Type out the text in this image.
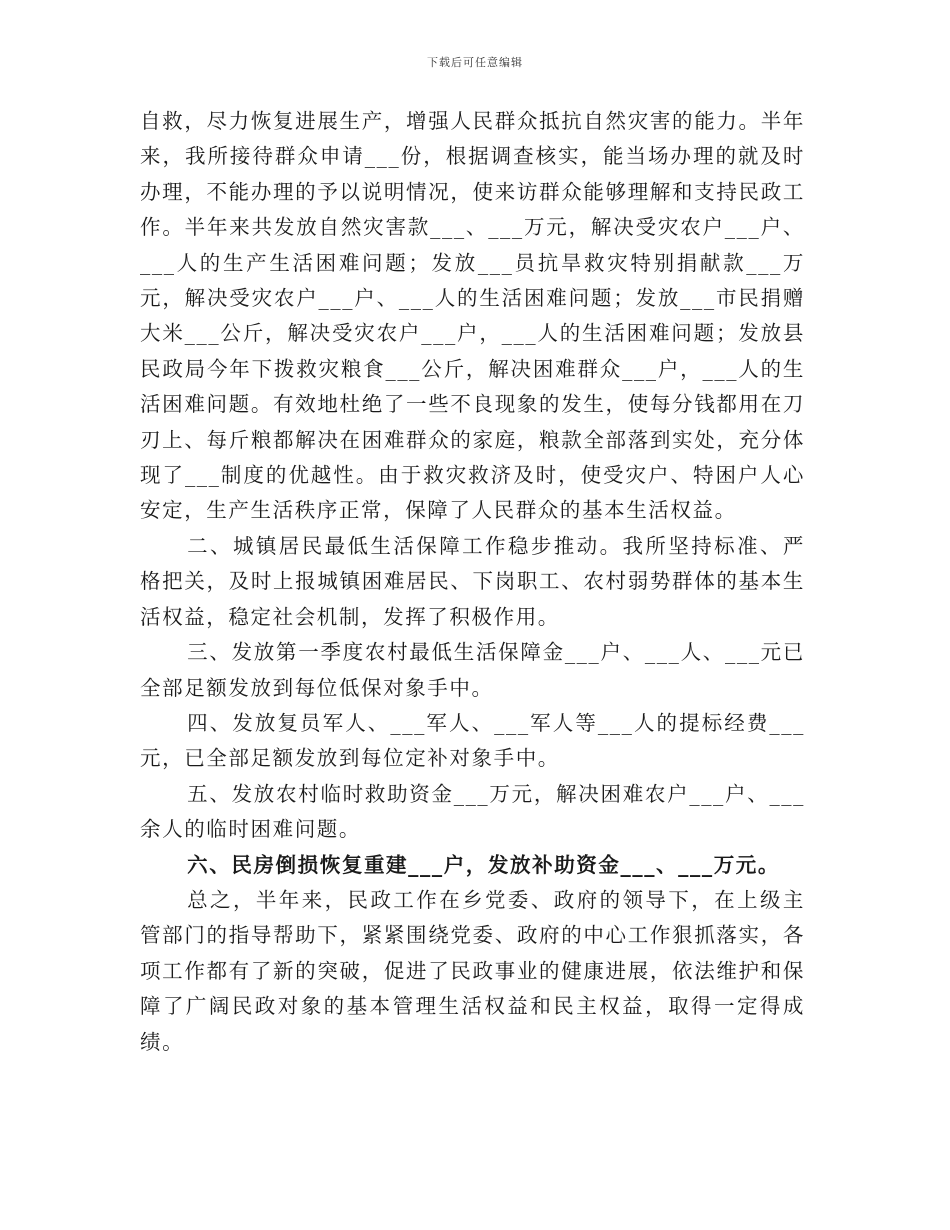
下载后可任意编辑

自救，尽力恢复进展生产，增强人民群众抵抗自然灾害的能力。半年来，我所接待群众申请___份，根据调查核实，能当场办理的就及时办理，不能办理的予以说明情况，使来访群众能够理解和支持民政工作。半年来共发放自然灾害款___、___万元，解决受灾农户___户、___人的生产生活困难问题；发放___员抗旱救灾特别捐献款___万元，解决受灾农户___户、___人的生活困难问题；发放___市民捐赠大米___公斤，解决受灾农户___户，___人的生活困难问题；发放县民政局今年下拨救灾粮食___公斤，解决困难群众___户，___人的生活困难问题。有效地杜绝了一些不良现象的发生，使每分钱都用在刀刃上、每斤粮都解决在困难群众的家庭，粮款全部落到实处，充分体现了___制度的优越性。由于救灾救济及时，使受灾户、特困户人心安定，生产生活秩序正常，保障了人民群众的基本生活权益。

二、城镇居民最低生活保障工作稳步推动。我所坚持标准、严格把关，及时上报城镇困难居民、下岗职工、农村弱势群体的基本生活权益，稳定社会机制，发挥了积极作用。

三、发放第一季度农村最低生活保障金___户、___人、___元已全部足额发放到每位低保对象手中。

四、发放复员军人、___军人、___军人等___人的提标经费___元，已全部足额发放到每位定补对象手中。

五、发放农村临时救助资金___万元，解决困难农户___户、___余人的临时困难问题。

六、民房倒损恢复重建___户，发放补助资金___、___万元。

总之，半年来，民政工作在乡党委、政府的领导下，在上级主管部门的指导帮助下，紧紧围绕党委、政府的中心工作狠抓落实，各项工作都有了新的突破，促进了民政事业的健康进展，依法维护和保障了广阔民政对象的基本管理生活权益和民主权益，取得一定得成绩。
